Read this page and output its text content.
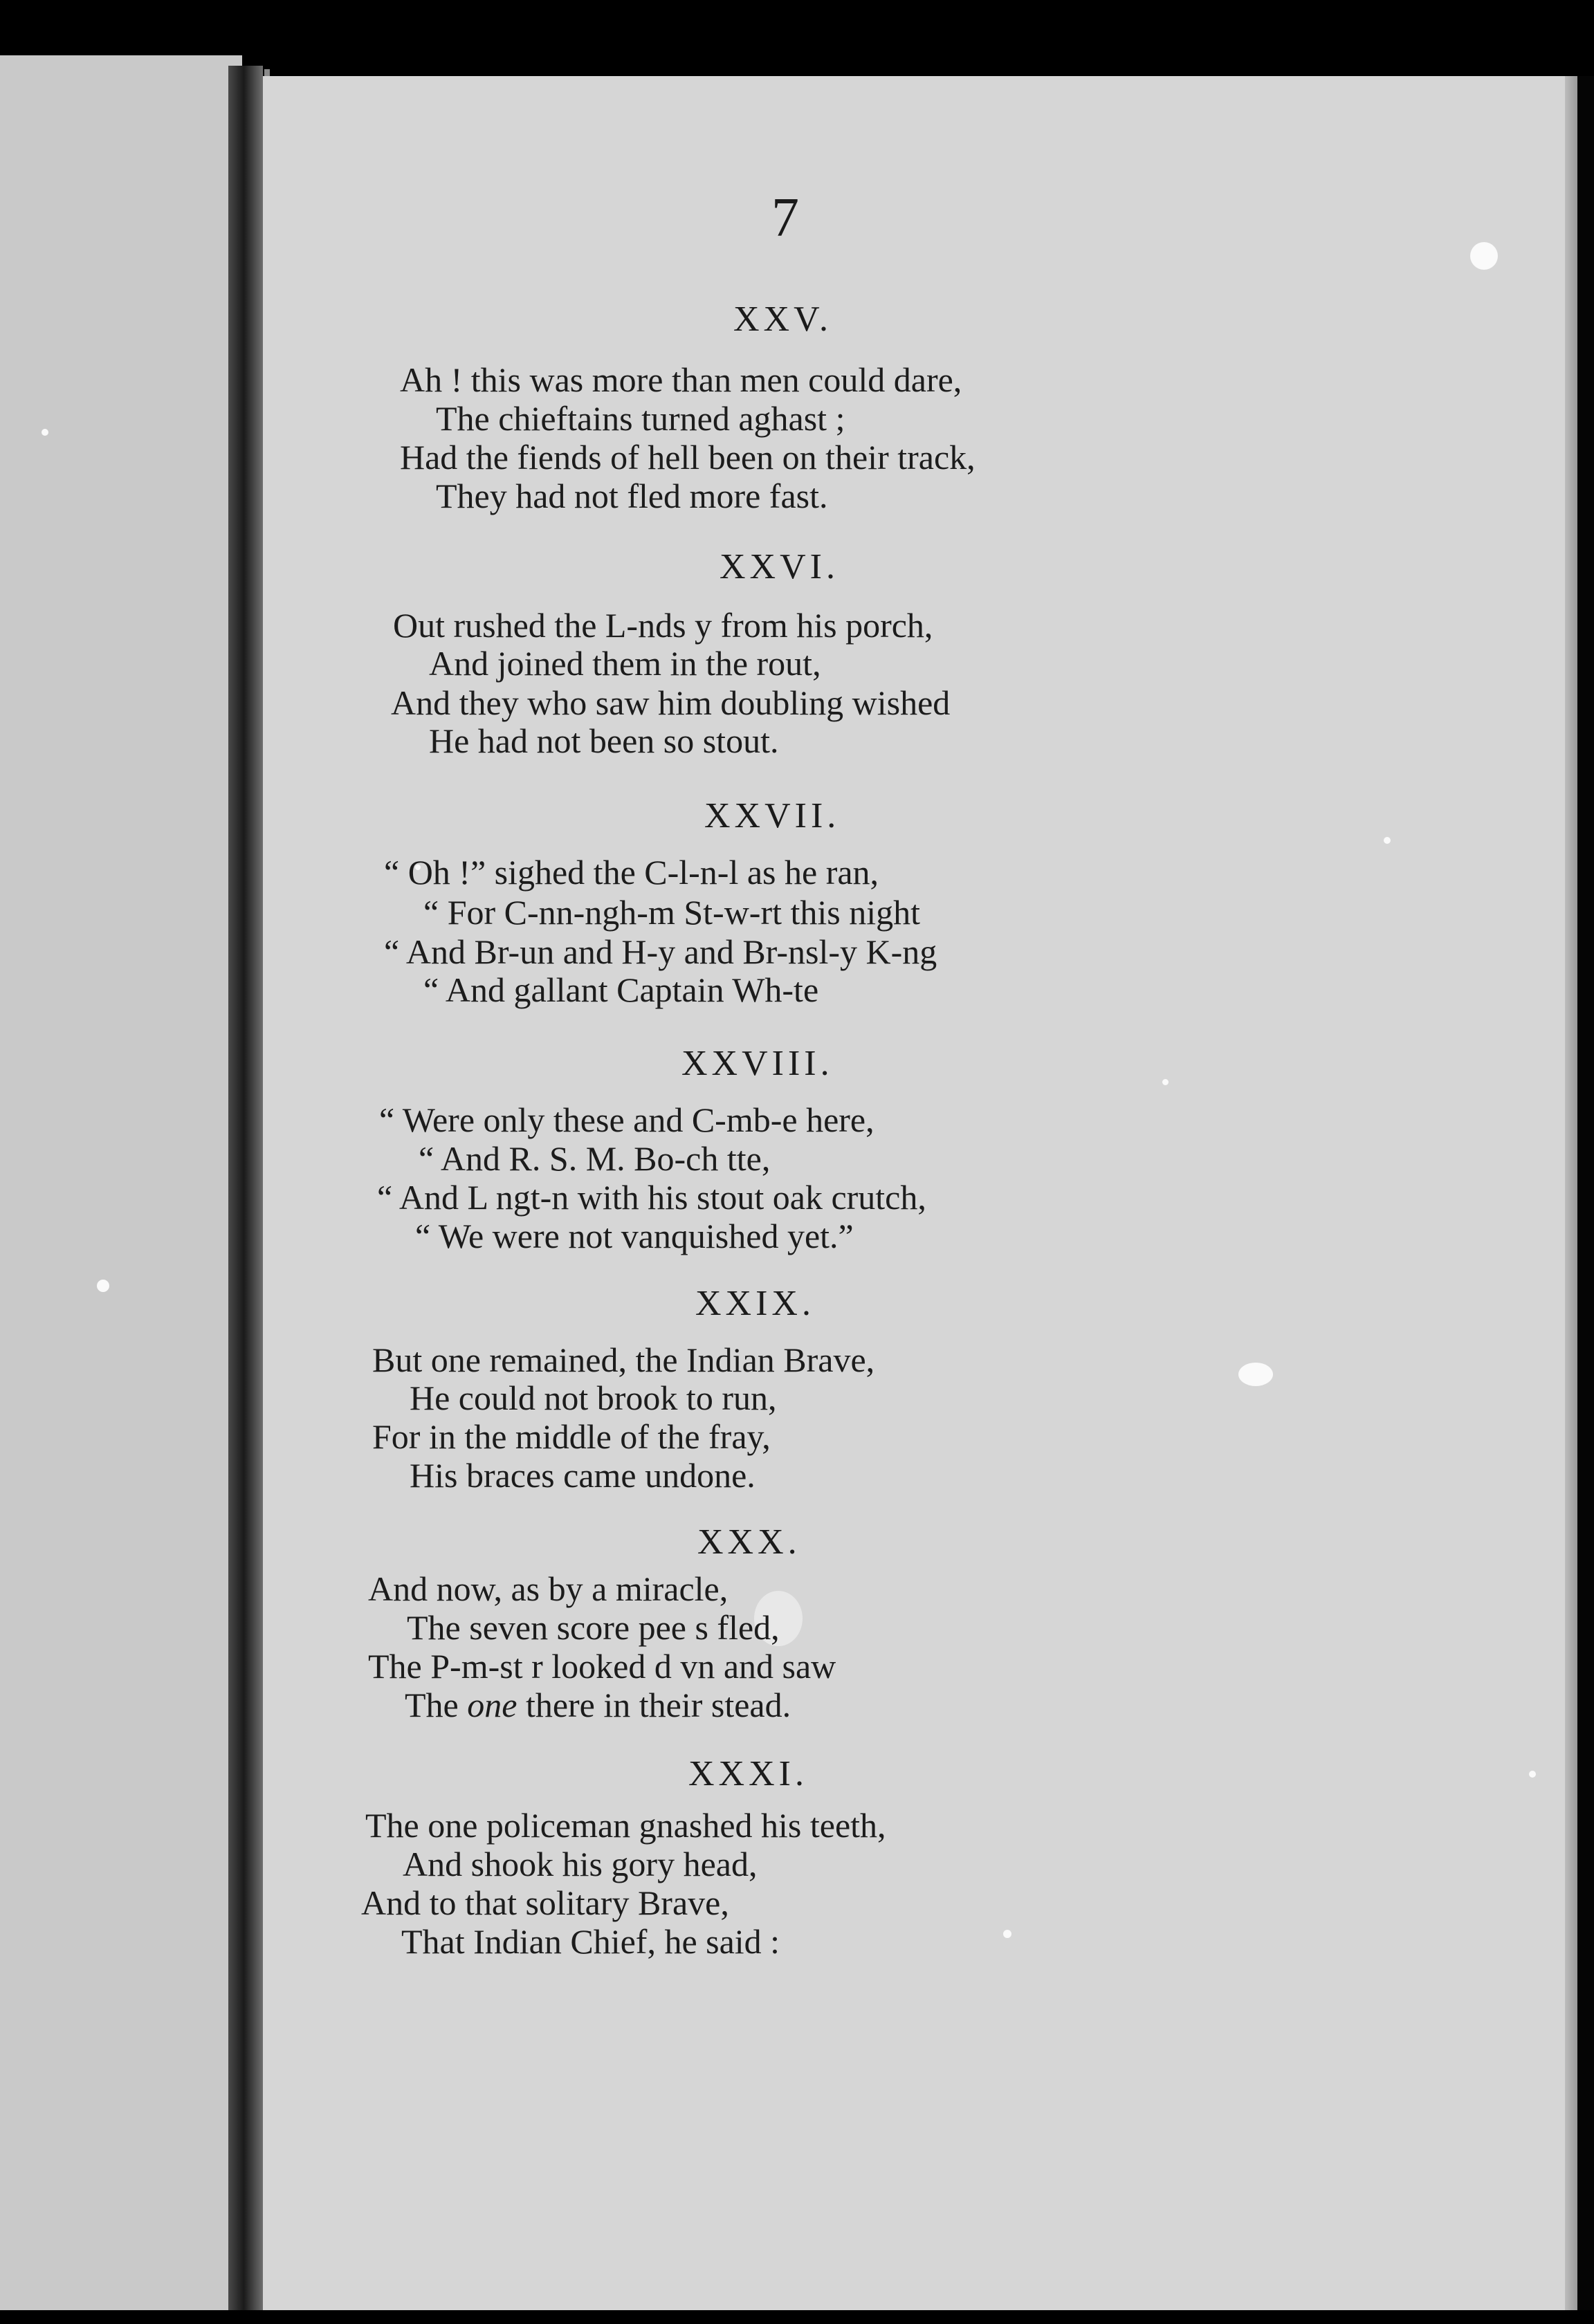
7
XXV.
Ah ! this was more than men could dare,
The chieftains turned aghast ;
Had the fiends of hell been on their track,
They had not fled more fast.
XXVI.
Out rushed the L-nds y from his porch,
And joined them in the rout,
And they who saw him doubling wished
He had not been so stout.
XXVII.
“ Oh !” sighed the C-l-n-l as he ran,
“ For C-nn-ngh-m St-w-rt this night
“ And Br-un and H-y and Br-nsl-y K-ng
“ And gallant Captain Wh-te
XXVIII.
“ Were only these and C-mb-e here,
“ And R. S. M. Bo-ch tte,
“ And L ngt-n with his stout oak crutch,
“ We were not vanquished yet.”
XXIX.
But one remained, the Indian Brave,
He could not brook to run,
For in the middle of the fray,
His braces came undone.
XXX.
And now, as by a miracle,
The seven score pee s fled,
The P-m-st r looked d vn and saw
The one there in their stead.
XXXI.
The one policeman gnashed his teeth,
And shook his gory head,
And to that solitary Brave,
That Indian Chief, he said :
